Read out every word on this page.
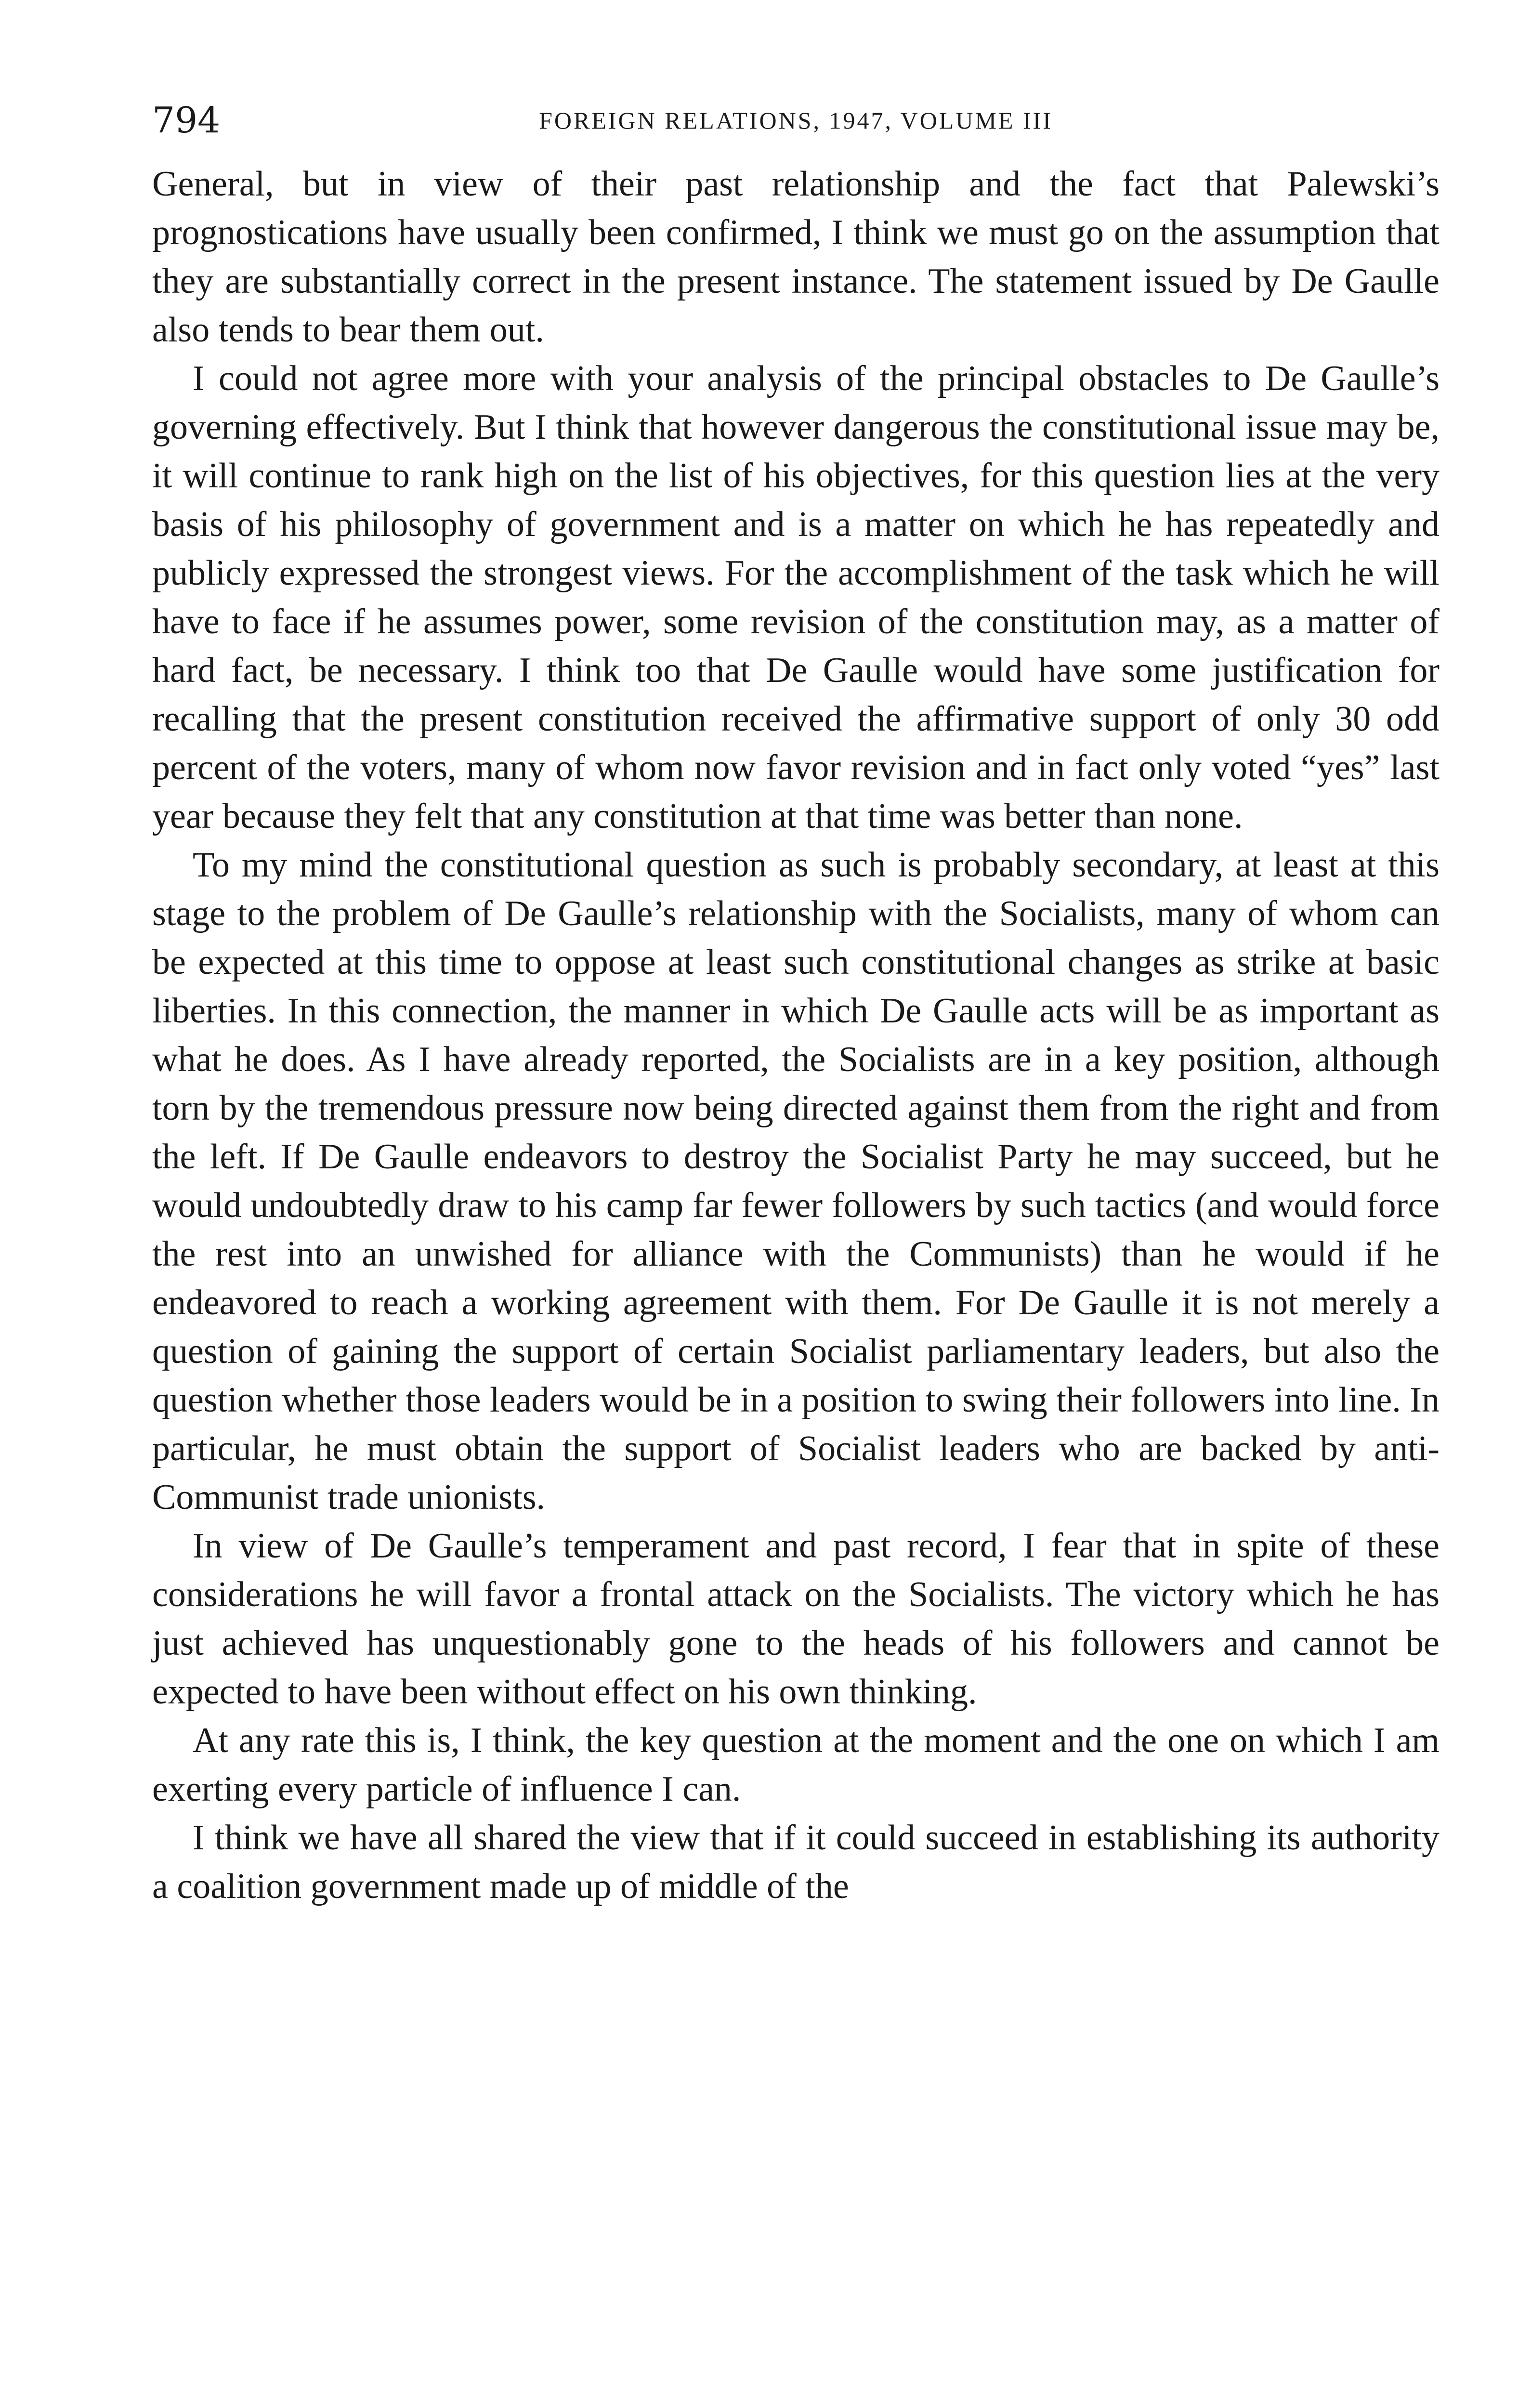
794	FOREIGN RELATIONS, 1947, VOLUME III

General, but in view of their past relationship and the fact that Palewski’s prognostications have usually been confirmed, I think we must go on the assumption that they are substantially correct in the present instance. The statement issued by De Gaulle also tends to bear them out.

I could not agree more with your analysis of the principal obstacles to De Gaulle’s governing effectively. But I think that however dangerous the constitutional issue may be, it will continue to rank high on the list of his objectives, for this question lies at the very basis of his philosophy of government and is a matter on which he has repeatedly and publicly expressed the strongest views. For the accomplishment of the task which he will have to face if he assumes power, some revision of the constitution may, as a matter of hard fact, be necessary. I think too that De Gaulle would have some justification for recalling that the present constitution received the affirmative support of only 30 odd percent of the voters, many of whom now favor revision and in fact only voted “yes” last year because they felt that any constitution at that time was better than none.

To my mind the constitutional question as such is probably secondary, at least at this stage to the problem of De Gaulle’s relationship with the Socialists, many of whom can be expected at this time to oppose at least such constitutional changes as strike at basic liberties. In this connection, the manner in which De Gaulle acts will be as important as what he does. As I have already reported, the Socialists are in a key position, although torn by the tremendous pressure now being directed against them from the right and from the left. If De Gaulle endeavors to destroy the Socialist Party he may succeed, but he would undoubtedly draw to his camp far fewer followers by such tactics (and would force the rest into an unwished for alliance with the Communists) than he would if he endeavored to reach a working agreement with them. For De Gaulle it is not merely a question of gaining the support of certain Socialist parliamentary leaders, but also the question whether those leaders would be in a position to swing their followers into line. In particular, he must obtain the support of Socialist leaders who are backed by anti-Communist trade unionists.

In view of De Gaulle’s temperament and past record, I fear that in spite of these considerations he will favor a frontal attack on the Socialists. The victory which he has just achieved has unquestionably gone to the heads of his followers and cannot be expected to have been without effect on his own thinking.

At any rate this is, I think, the key question at the moment and the one on which I am exerting every particle of influence I can.

I think we have all shared the view that if it could succeed in establishing its authority a coalition government made up of middle of the
